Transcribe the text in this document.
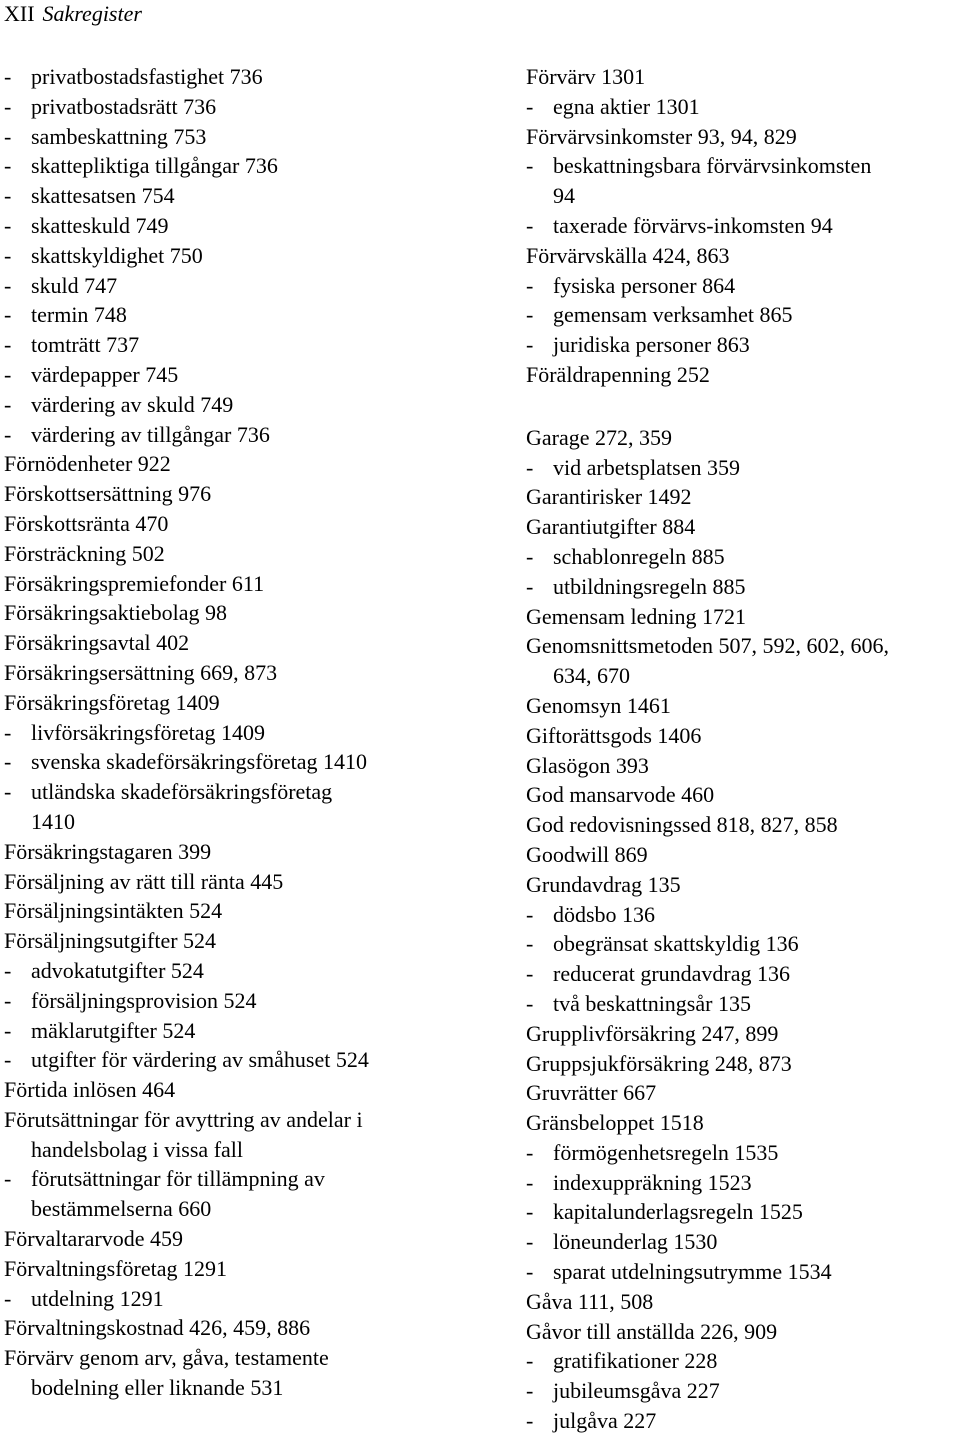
XII Sakregister
- privatbostadsfastighet 736
- privatbostadsrätt 736
- sambeskattning 753
- skattepliktiga tillgångar 736
- skattesatsen 754
- skatteskuld 749
- skattskyldighet 750
- skuld 747
- termin 748
- tomträtt 737
- värdepapper 745
- värdering av skuld 749
- värdering av tillgångar 736
Förnödenheter 922
Förskottsersättning 976
Förskottsränta 470
Försträckning 502
Försäkringspremiefonder 611
Försäkringsaktiebolag 98
Försäkringsavtal 402
Försäkringsersättning 669, 873
Försäkringsföretag 1409
- livförsäkringsföretag 1409
- svenska skadeförsäkringsföretag 1410
- utländska skadeförsäkringsföretag
1410
Försäkringstagaren 399
Försäljning av rätt till ränta 445
Försäljningsintäkten 524
Försäljningsutgifter 524
- advokatutgifter 524
- försäljningsprovision 524
- mäklarutgifter 524
- utgifter för värdering av småhuset 524
Förtida inlösen 464
Förutsättningar för avyttring av andelar i
handelsbolag i vissa fall
- förutsättningar för tillämpning av
bestämmelserna 660
Förvaltararvode 459
Förvaltningsföretag 1291
- utdelning 1291
Förvaltningskostnad 426, 459, 886
Förvärv genom arv, gåva, testamente
bodelning eller liknande 531
Förvärv 1301
- egna aktier 1301
Förvärvsinkomster 93, 94, 829
- beskattningsbara förvärvsinkomsten
94
- taxerade förvärvs-inkomsten 94
Förvärvskälla 424, 863
- fysiska personer 864
- gemensam verksamhet 865
- juridiska personer 863
Föräldrapenning 252
Garage 272, 359
- vid arbetsplatsen 359
Garantirisker 1492
Garantiutgifter 884
- schablonregeln 885
- utbildningsregeln 885
Gemensam ledning 1721
Genomsnittsmetoden 507, 592, 602, 606,
634, 670
Genomsyn 1461
Giftorättsgods 1406
Glasögon 393
God mansarvode 460
God redovisningssed 818, 827, 858
Goodwill 869
Grundavdrag 135
- dödsbo 136
- obegränsat skattskyldig 136
- reducerat grundavdrag 136
- två beskattningsår 135
Grupplivförsäkring 247, 899
Gruppsjukförsäkring 248, 873
Gruvrätter 667
Gränsbeloppet 1518
- förmögenhetsregeln 1535
- indexuppräkning 1523
- kapitalunderlagsregeln 1525
- löneunderlag 1530
- sparat utdelningsutrymme 1534
Gåva 111, 508
Gåvor till anställda 226, 909
- gratifikationer 228
- jubileumsgåva 227
- julgåva 227
